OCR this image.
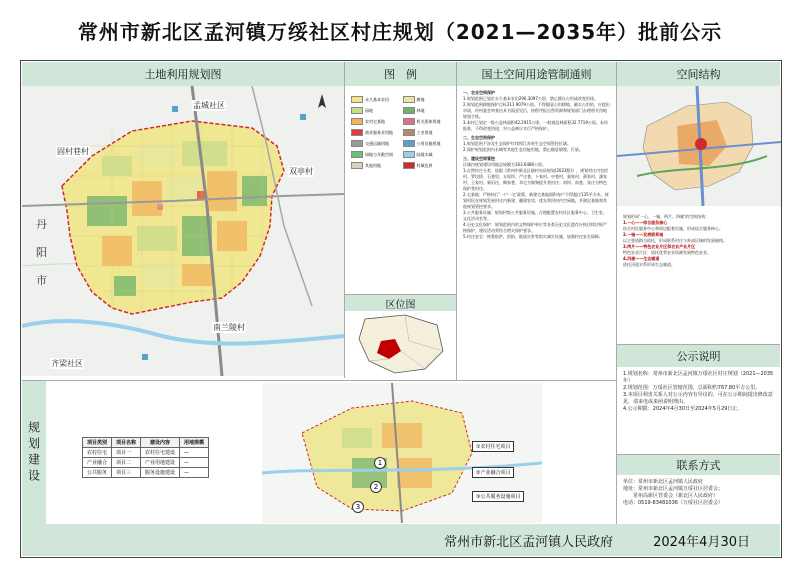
常州市新北区孟河镇万绥社区村庄规划（2021—2035年）批前公示
土地利用规划图
孟城社区
固村巷村
丹
阳
市
双亭村
南兰陵村
齐梁社区
图　例
永久基本农田	耕地
园地	林地
农村宅基地	机关团体用地
商业服务业用地	工业用地
交通运输用地	公用设施用地
绿地与开敞空间	陆地水域
其他用地	村域边界
区位图
国土空间用途管制通则
一、农业空间保护
1.规划范围已划定永久基本农田290.3097公顷，禁止擅自占用或改变用途。
2.规划范围耕地保护目标311.9079公顷，不得随意占用耕地，确实占用的，应提出申请，经村委会审查出具书面意见后，按程序报自然资源和规划部门办理相关用地规划手续。
3.本村已划定一级公益林面积42.2915公顷，一般商品林面积32.7719公顷。未经批准，不得改变用途，对公益林应实行严格保护。
二、生态空间保护
1.规划范围不涉及生态保护红线和江苏省生态空间管控区域。
2.保护规划范围内水域等其他生态功能用地，禁止随意填埋、污染。
三、建设空间管控
区域内规划建设用地总规模为163.6486公顷。
1.自然村庄分类：依据《常州市新北区镇村布局规划(2023版)》，规划村庄内包括村、罗坟桥、石巷里、五顷坝、严庄巷、卜家村、中巷村、巢家村、蒋家村、潘家村、王家村、新旧庄、陶家巷、邓宅为集聚提升类村庄；南坝、南巷、张庄为特色保护类村庄。
2.宅基地：严格执行'一户一宅'政策，新建宅基地面积每户不得超过135平方米，规划村民在规划发展村庄内新建、翻建农房，优先利用村内空闲地，并满足基地和其他规划管控要求。
3.公共服务设施：规划村级公共服务设施，合理配置农村社区服务中心、卫生室、文化活动室等。
4.历史文化保护：规划范围内的文物保护单位等各类历史文化遗存应按法律法规严格保护，建设活动须符合相关保护要求。
5.村庄安全：统筹防洪、消防、地质灾害等防灾减灾设施，加强村庄安全保障。
空间结构
规划形成'一心、一轴、两片、四廊'的空间结构：
1.一心——综合服务核心
结合村民服务中心和周边配套设施，形成综合服务核心。
2.一轴——发展联系轴
以主要道路为依托，形成联系村庄与外部区域的发展轴线。
3.两片——特色农业片区和农业产业片区
特色农业片区：依托优势农业资源发展特色农业。
4.四廊——生态廊道
依托河道水系形成生态廊道。
公示说明
1.规划名称：常州市新北区孟河镇万绥社区村庄规划（2021—2035年）
2.规划范围：万绥社区管辖范围，总面积约767.80平方公里。
3.本项目利害关系人对公示内容有异议的，可在公示期间提出修改意见，请来电或来函说明理由。
4.公示期限：2024年4月30日至2024年5月29日止。
联系方式
单位：常州市新北区孟河镇人民政府
地址：常州市新北区孟河镇万绥社区居委会；
　　常州高新区管委会（新北区人民政府）
电话：0519-83481036（万绥社区居委会）
规划建设	项目类别	项目名称	建设内容	用地规模
农村住宅	项目一	农村住宅建设	—
产业融合	项目二	产业用地建设	—
公共服务	项目三	服务设施建设	—
1
2
3
①农村住宅项目
②产业融合项目
③公共服务设施项目
常州市新北区孟河镇人民政府	2024年4月30日
